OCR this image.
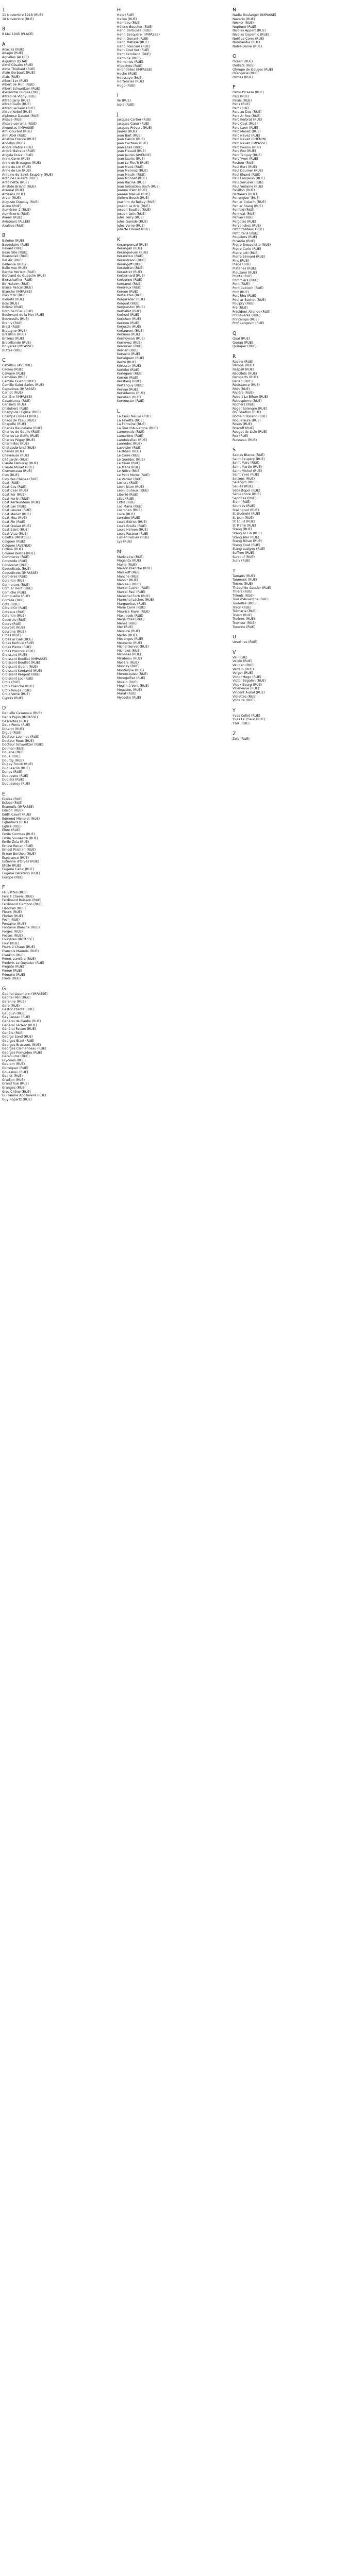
1
11 Novembre 1918 (RUE)
18 Novembre (RUE)
8
8 Mai 1945 (PLACE)
A
Acacias (RUE)
Adagio (RUE)
Agnelles (ALLEE)
Aiguillon (QUAI)
Aimé Césaire (RUE)
Aime Thiébaut (RUE)
Alain Gerbault (RUE)
Alaïs (RUE)
Albert 1er (RUE)
Albert de Mun (RUE)
Albert Schweitzer (RUE)
Alexandre Dumas (RUE)
Alfred de Vigny (RUE)
Alfred Jarry (RUE)
Alfred Gallo (RUE)
Alfred Lecoeur (RUE)
Alfred Nobel (RUE)
Alphonse Daudet (RUE)
Alsace (RUE)
Alsace Lorraine (RUE)
Alouettes (IMPASSE)
Ami Courant (RUE)
Ami Abel (RUE)
Anatole France (RUE)
Andelys (RUE)
André Breton (RUE)
André Malraux (RUE)
Angela Duval (RUE)
Anne Corre (RUE)
Anne de Bretagne (RUE)
Anne du Lin (RUE)
Anne de Lin (RUE)
Antoine de Saint-Exupéry (RUE)
Antoine Laurent (RUE)
Antoinette (RUE)
Aristide Briand (RUE)
Arsenal (RUE)
Artisans (RUE)
Arvor (RUE)
Auguste Dupouy (RUE)
Aulne (RUE)
Aumônier 2 (RUE)
Aumônerie (RUE)
Avenir (RUE)
Aviateurs (ALLEE)
Azalées (RUE)
B
Baleine (RUE)
Baudelaire (RUE)
Bayard (RUE)
Beau Site (RUE)
Beausoleil (RUE)
Bel Air (RUE)
Bellevue (RUE)
Belle Vue (RUE)
Berthe Morisot (RUE)
Bertrand du Guesclin (RUE)
Bierschwiller (RUE)
Bir Hakeim (RUE)
Blaise Pascal (RUE)
Blanche (IMPASSE)
Blés d'Or (RUE)
Bleuets (RUE)
Bois (RUE)
Bolivar (RUE)
Bord de l'Eau (RUE)
Boulevard de la Mer (RUE)
Bouvreuils (RUE)
Branly (RUE)
Brest (RUE)
Bretagne (RUE)
Brézillon (RUE)
Brizeux (RUE)
Brocéliande (RUE)
Bruyères (IMPASSE)
Buttes (RUE)
C
Cabellou (AVENUE)
Cadiou (RUE)
Calvaire (RUE)
Camélias (RUE)
Camille Guérin (RUE)
Camille Saint-Saëns (RUE)
Capucines (IMPASSE)
Carnot (RUE)
Carrière (IMPASSE)
Casablanca (RUE)
Cerisiers (RUE)
Chalutiers (RUE)
Champ de l'Eglise (RUE)
Champs Elysées (RUE)
Chaos de l'Eau (RUE)
Chapelle (RUE)
Charles Baudelaire (RUE)
Charles de Gaulle (RUE)
Charles Le Goffic (RUE)
Charles Péguy (RUE)
Charmilles (RUE)
Chateaubriand (RUE)
Chenes (RUE)
Chevreuse (RUE)
Cité Jardin (RUE)
Claude Debussy (RUE)
Claude Monet (RUE)
Clemenceau (RUE)
Clos (RUE)
Clos des Chênes (RUE)
Coat (RUE)
Coat Cos (RUE)
Coat Caer (RUE)
Coat Ker (RUE)
Coat Kerlin (RUE)
Coat Kerfeunteun (RUE)
Coat Lan (RUE)
Coat Lesvez (RUE)
Coat Menez (RUE)
Coat Mez (RUE)
Coat Pin (RUE)
Coat Quéau (RUE)
Coat Saint (RUE)
Coat Vraz (RUE)
Colette (IMPASSE)
Colguen (RUE)
Colguen (AVENUE)
Colline (RUE)
Colonel Kerros (RUE)
Commerce (RUE)
Concorde (RUE)
Condorcet (RUE)
Coquelicots (RUE)
Coquelicots (IMPASSE)
Corbières (RUE)
Corentin (RUE)
Cormorans (RUE)
Corn ar Hent (RUE)
Corniche (RUE)
Cornouaille (RUE)
Corrèze (RUE)
Côte (RUE)
Côte d'Or (RUE)
Coteaux (RUE)
Cotentin (RUE)
Coudraie (RUE)
Cours (RUE)
Courbet (RUE)
Courtine (RUE)
Croas (RUE)
Croas ar Gall (RUE)
Croas Kerhuel (RUE)
Croas Pierre (RUE)
Croas Prennou (RUE)
Croissant (RUE)
Croissant Bouillet (IMPASSE)
Croissant Bouillet (RUE)
Croissant Guern (RUE)
Croissant Kerdavid (RUE)
Croissant Kergoat (RUE)
Croissant Loc (RUE)
Croix (RUE)
Croix Blanche (RUE)
Croix Rouge (RUE)
Croix Verte (RUE)
Cyprès (RUE)
D
Danielle Casanova (RUE)
Denis Papin (IMPASSE)
Descartes (RUE)
Deux Ponts (RUE)
Diderot (RUE)
Digue (RUE)
Docteur Laennec (RUE)
Docteur Roux (RUE)
Docteur Schweitzer (RUE)
Dolmen (RUE)
Douane (RUE)
Doué (RUE)
Dourdy (RUE)
Dugay Trouin (RUE)
Duguesclin (RUE)
Dunes (RUE)
Duquesne (RUE)
Dupleix (RUE)
Duquesnoy (RUE)
E
Ecoles (RUE)
Ecluse (RUE)
Ecureuils (IMPASSE)
Edison (RUE)
Edith Cavell (RUE)
Edmond Michelet (RUE)
Eglantiers (RUE)
Eglise (RUE)
Elorn (RUE)
Emile Combes (RUE)
Emile Souvestre (RUE)
Emile Zola (RUE)
Ernest Renan (RUE)
Ernest Psichari (RUE)
Erwan Berthou (RUE)
Espérance (RUE)
Estienne d'Orves (RUE)
Etoile (RUE)
Eugène Cadic (RUE)
Eugène Delacroix (RUE)
Europe (RUE)
F
Fauvettes (RUE)
Fers à Cheval (RUE)
Ferdinand Buisson (RUE)
Ferdinand Gambon (RUE)
Flandres (RUE)
Fleurs (RUE)
Florian (RUE)
Foch (RUE)
Fontaine (RUE)
Fontaine Blanche (RUE)
Forges (RUE)
Fosses (RUE)
Fougères (IMPASSE)
Four (RUE)
Fours à Chaux (RUE)
François Maurois (RUE)
Franklin (RUE)
Frères Lumière (RUE)
Frédéric Le Guyader (RUE)
Frégate (RUE)
Fréron (RUE)
Frimaire (RUE)
Friole (RUE)
G
Gabriel Lippmann (IMPASSE)
Gabriel Péri (RUE)
Garenne (RUE)
Gare (RUE)
Gaston Planté (RUE)
Gauguin (RUE)
Gay Lussac (RUE)
Général de Gaulle (RUE)
Général Leclerc (RUE)
Général Patton (RUE)
Genêts (RUE)
George Sand (RUE)
Georges Bizet (RUE)
Georges Brassens (RUE)
Georges Clemenceau (RUE)
Georges Pompidou (RUE)
Géraniums (RUE)
Glycines (RUE)
Goarem (RUE)
Gorréquer (RUE)
Gouesnou (RUE)
Goulet (RUE)
Gradlon (RUE)
Grand'Rue (RUE)
Granges (RUE)
Gros Chêne (RUE)
Guillaume Apollinaire (RUE)
Guy Ropartz (RUE)
H
Haie (RUE)
Halles (RUE)
Hameau (RUE)
Hélène Boucher (RUE)
Henri Barbusse (RUE)
Henri Becquerel (IMPASSE)
Henri Dunant (RUE)
Henri Matisse (RUE)
Henri Poincaré (RUE)
Hent Coat Ker (RUE)
Hent Kerolland (RUE)
Hermine (RUE)
Herminies (RUE)
Hippolyte (RUE)
Hirondelles (IMPASSE)
Hoche (RUE)
Houssaye (RUE)
Hortensias (RUE)
Hugo (RUE)
I
Île (RUE)
Isole (RUE)
J
Jacques Cartier (RUE)
Jacques Cœur (RUE)
Jacques Prévert (RUE)
Jaurès (RUE)
Jean Bart (RUE)
Jean Calvin (RUE)
Jean Cocteau (RUE)
Jean Eliès (RUE)
Jean Fréaud (RUE)
Jean Jaurès (AVENUE)
Jean Jaurès (RUE)
Jean Le Floc'h (RUE)
Jean Macé (RUE)
Jean Mermoz (RUE)
Jean Moulin (RUE)
Jean Monnet (RUE)
Jean Racine (RUE)
Jean Sébastien Bach (RUE)
Jeanne d'Arc (RUE)
Jeanne Malivel (RUE)
Jérôme Bosch (RUE)
Joachim du Bellay (RUE)
Joseph Le Brix (RUE)
Joseph Bouillet (RUE)
Joseph Loth (RUE)
Jules Ferry (RUE)
Jules Guesde (RUE)
Jules Verne (RUE)
Juliette Drouet (RUE)
K
Kerampensal (RUE)
Kerangall (RUE)
Keranguéven (RUE)
Keranroux (RUE)
Kerandraon (RUE)
Kerangoff (RUE)
Keraudren (RUE)
Kerautret (RUE)
Kerbernard (RUE)
Kerbonne (RUE)
Kerdanet (RUE)
Kerdreux (RUE)
Kereon (RUE)
Kerfautras (RUE)
Kergaradec (RUE)
Kergoat (RUE)
Kerguestoc (RUE)
Kerhallet (RUE)
Kerhuel (RUE)
Kerichen (RUE)
Kerinou (RUE)
Kerjestin (RUE)
Kerlaurent (RUE)
Kerlinou (RUE)
Kermoysan (RUE)
Kernevez (RUE)
Kerourien (RUE)
Kerrien (RUE)
Kersaint (RUE)
Kervéguen (RUE)
Kerzu (RUE)
Kéruscar (RUE)
Kériolet (RUE)
Kerléguer (RUE)
Kernon (RUE)
Kerstang (RUE)
Kertanguy (RUE)
Kervao (RUE)
Kervidanou (RUE)
Kervilien (RUE)
Kervouster (RUE)
L
La Croix Neuve (RUE)
La Fayette (RUE)
La Fontaine (RUE)
La Tour d'Auvergne (RUE)
Lamennais (RUE)
Lamartine (RUE)
Lambézellec (RUE)
Lanrédec (RUE)
Lavoisier (RUE)
Le Bihan (RUE)
Le Corre (RUE)
Le Gonidec (RUE)
Le Guen (RUE)
Le Mans (RUE)
Le Nôtre (RUE)
Le Petit Moros (RUE)
Le Verrier (RUE)
Leclerc (RUE)
Léon Blum (RUE)
Léon Jouhaux (RUE)
Liberté (RUE)
Lilas (RUE)
Littré (RUE)
Loc Maria (RUE)
Locronan (RUE)
Loire (RUE)
Lorraine (RUE)
Louis Blériot (RUE)
Louis Braille (RUE)
Louis Hémon (RUE)
Louis Pasteur (RUE)
Lucien Febvre (RUE)
Lys (RUE)
M
Madeleine (RUE)
Magenta (RUE)
Maine (RUE)
Maison Blanche (RUE)
Malakoff (RUE)
Manche (RUE)
Manoir (RUE)
Marceau (RUE)
Marcel Cachin (RUE)
Marcel Paul (RUE)
Maréchal Foch (RUE)
Maréchal Leclerc (RUE)
Marguerites (RUE)
Marie Curie (RUE)
Maurice Ravel (RUE)
Max Jacob (RUE)
Mégalithes (RUE)
Ménez (RUE)
Mer (RUE)
Mercure (RUE)
Merlin (RUE)
Mésanges (RUE)
Meunerie (RUE)
Michel Servet (RUE)
Michelet (RUE)
Mimosas (RUE)
Mirabeau (RUE)
Molière (RUE)
Moncey (RUE)
Montaigne (RUE)
Montesquieu (RUE)
Montgolfier (RUE)
Moulin (RUE)
Moulin à Vent (RUE)
Mouettes (RUE)
Murat (RUE)
Myosotis (RUE)
N
Nadia Boulanger (IMPASSE)
Navarin (RUE)
Nécker (RUE)
Neptune (RUE)
Nicolas Appert (RUE)
Nicolas Copernic (RUE)
Noël Le Corre (RUE)
Normandie (RUE)
Notre-Dame (RUE)
O
Océan (RUE)
Oeillets (RUE)
Olympe de Gouges (RUE)
Orangerie (RUE)
Ormes (RUE)
P
Pablo Picasso (RUE)
Paix (RUE)
Palais (RUE)
Paris (RUE)
Parc (RUE)
Parc au Duc (RUE)
Parc Ar Roz (RUE)
Parc Kerbrat (RUE)
Parc Coat (RUE)
Parc Lann (RUE)
Parc Menez (RUE)
Parc Névez (RUE)
Parc Nevez (CHEMIN)
Parc Nevez (IMPASSE)
Parc Poulou (RUE)
Parc Roz (RUE)
Parc Tanguy (RUE)
Parc Yvon (RUE)
Pasteur (RUE)
Paul Bert (RUE)
Paul Doumer (RUE)
Paul Eluard (RUE)
Paul Langevin (RUE)
Paul Sérusier (RUE)
Paul Verlaine (RUE)
Pavillon (RUE)
Pêcheurs (RUE)
Penanguer (RUE)
Pen ar Créac'h (RUE)
Pen ar Stang (RUE)
Penfeld (RUE)
Penhoat (RUE)
Penker (RUE)
Pergolas (RUE)
Pervenches (RUE)
Petit Château (RUE)
Petit Paris (RUE)
Peupliers (RUE)
Picardie (RUE)
Pierre Brossolette (RUE)
Pierre Curie (RUE)
Pierre Loti (RUE)
Pierre Sémard (RUE)
Pins (RUE)
Plage (RUE)
Platanes (RUE)
Plouzané (RUE)
Pointe (RUE)
Pommiers (RUE)
Pont (RUE)
Pont Cabioch (RUE)
Port (RUE)
Port Rhu (RUE)
Poul ar Bachet (RUE)
Poulpry (RUE)
Pré (RUE)
Président Allende (RUE)
Primevères (RUE)
Printemps (RUE)
Prof Langevin (RUE)
Q
Quai (RUE)
Quéau (RUE)
Quimper (RUE)
R
Racine (RUE)
Rampe (RUE)
Raspail (RUE)
Récollets (RUE)
Remparts (RUE)
Renan (RUE)
Résistance (RUE)
Rhin (RUE)
Rivière (RUE)
Robert Le Bihan (RUE)
Robespierre (RUE)
Rochers (RUE)
Roger Salengro (RUE)
Roi Gradlon (RUE)
Romain Rolland (RUE)
Roquelaure (RUE)
Roses (RUE)
Roscoff (RUE)
Rouget de Lisle (RUE)
Roz (RUE)
Ruisseau (RUE)
S
Sables Blancs (RUE)
Saint Exupéry (RUE)
Saint Marc (RUE)
Saint Martin (RUE)
Saint Michel (RUE)
Saint Yves (RUE)
Saisons (RUE)
Salengro (RUE)
Saules (RUE)
Sébastopol (RUE)
Sémaphore (RUE)
Sept Iles (RUE)
Siam (RUE)
Sources (RUE)
Stalingrad (RUE)
St Guénolé (RUE)
St Jean (RUE)
St Louis (RUE)
St Pierre (RUE)
Stang (RUE)
Stang ar Lin (RUE)
Stang Alar (RUE)
Stang Bihan (RUE)
Stang Coat (RUE)
Stang Luzigou (RUE)
Suffren (RUE)
Surcouf (RUE)
Sully (RUE)
T
Tamaris (RUE)
Tanneurs (RUE)
Ternes (RUE)
Théophile Gautier (RUE)
Thiers (RUE)
Tilleuls (RUE)
Tour d'Auvergne (RUE)
Tourelles (RUE)
Traon (RUE)
Trémaria (RUE)
Trieux (RUE)
Troënes (RUE)
Tromeur (RUE)
Turenne (RUE)
U
Ursulines (RUE)
V
Val (RUE)
Vallée (RUE)
Vauban (RUE)
Verdun (RUE)
Verger (RUE)
Victor Hugo (RUE)
Victor Ségalen (RUE)
Vieux Bourg (RUE)
Villeneuve (RUE)
Vincent Auriol (RUE)
Violettes (RUE)
Voltaire (RUE)
Y
Yves Collet (RUE)
Yves Le Prieur (RUE)
Yser (RUE)
Z
Zola (RUE)
